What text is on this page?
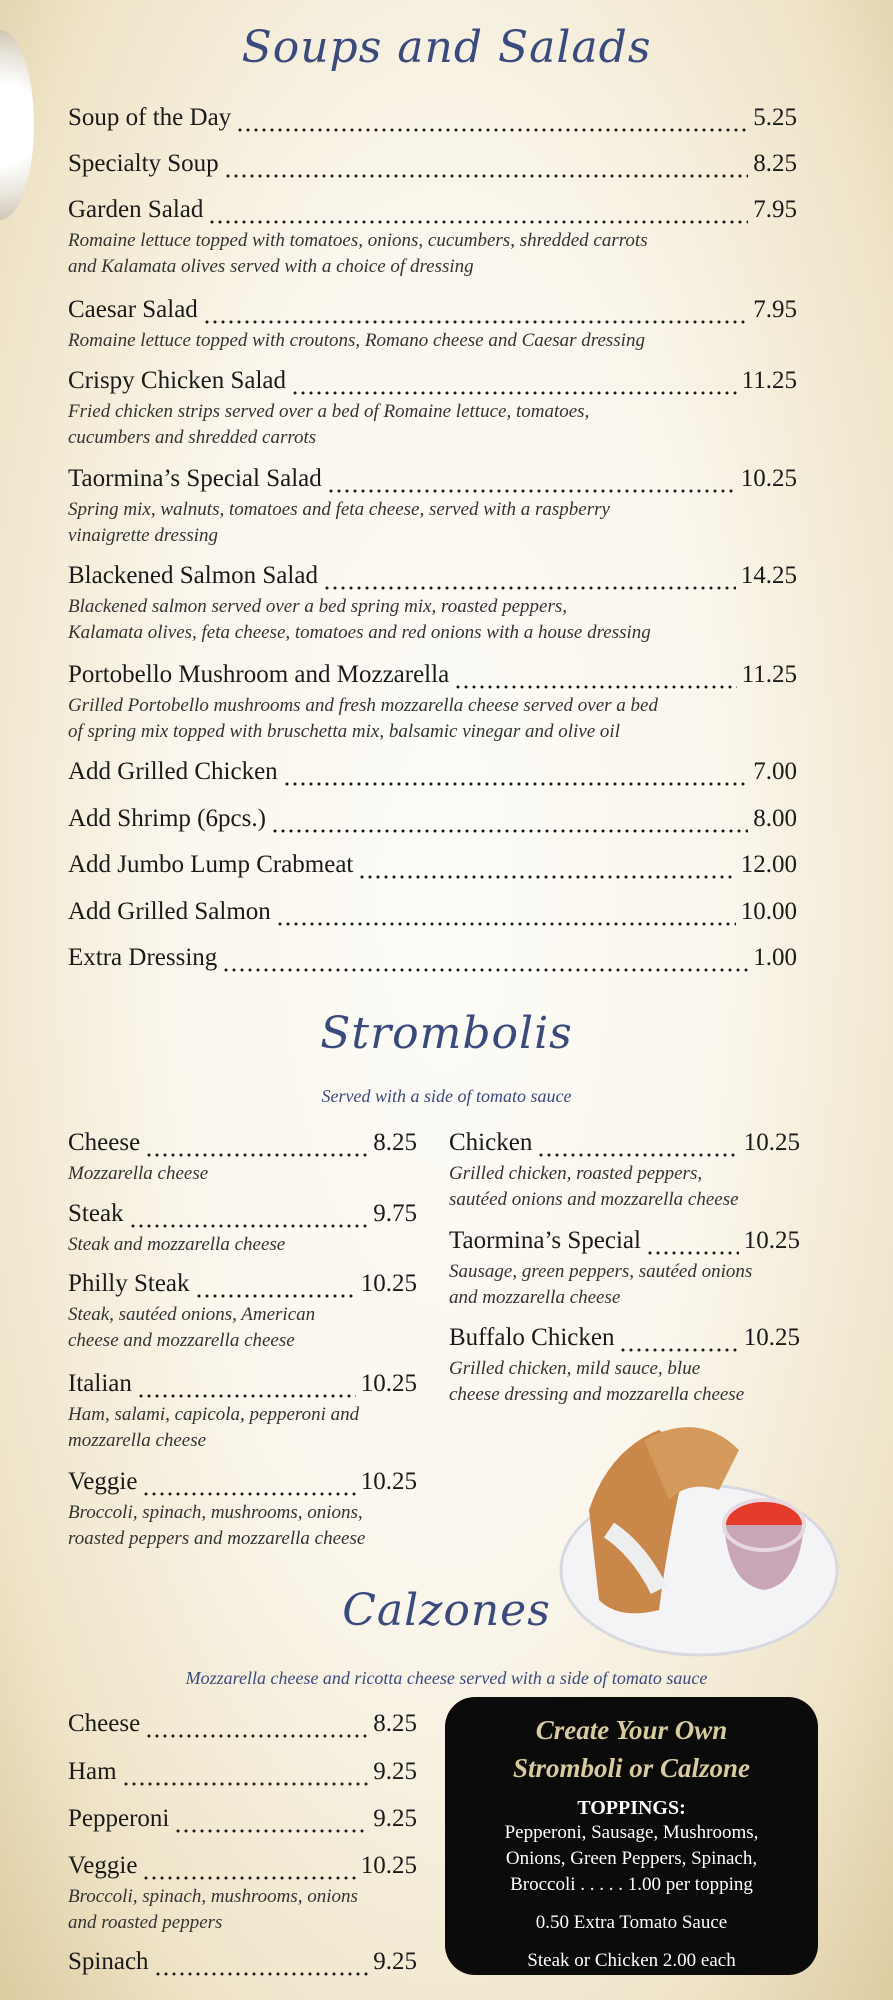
Soups and Salads
Soup of the Day	5.25
Specialty Soup	8.25
Garden Salad	7.95
Romaine lettuce topped with tomatoes, onions, cucumbers, shredded carrots
and Kalamata olives served with a choice of dressing
Caesar Salad	7.95
Romaine lettuce topped with croutons, Romano cheese and Caesar dressing
Crispy Chicken Salad	11.25
Fried chicken strips served over a bed of Romaine lettuce, tomatoes,
cucumbers and shredded carrots
Taormina’s Special Salad	10.25
Spring mix, walnuts, tomatoes and feta cheese, served with a raspberry
vinaigrette dressing
Blackened Salmon Salad	14.25
Blackened salmon served over a bed spring mix, roasted peppers,
Kalamata olives, feta cheese, tomatoes and red onions with a house dressing
Portobello Mushroom and Mozzarella	11.25
Grilled Portobello mushrooms and fresh mozzarella cheese served over a bed
of spring mix topped with bruschetta mix, balsamic vinegar and olive oil
Add Grilled Chicken	7.00
Add Shrimp (6pcs.)	8.00
Add Jumbo Lump Crabmeat	12.00
Add Grilled Salmon	10.00
Extra Dressing	1.00
Strombolis
Served with a side of tomato sauce
Cheese	8.25
Mozzarella cheese
Steak	9.75
Steak and mozzarella cheese
Philly Steak	10.25
Steak, sautéed onions, American
cheese and mozzarella cheese
Italian	10.25
Ham, salami, capicola, pepperoni and
mozzarella cheese
Veggie	10.25
Broccoli, spinach, mushrooms, onions,
roasted peppers and mozzarella cheese
Chicken	10.25
Grilled chicken, roasted peppers,
sautéed onions and mozzarella cheese
Taormina’s Special	10.25
Sausage, green peppers, sautéed onions
and mozzarella cheese
Buffalo Chicken	10.25
Grilled chicken, mild sauce, blue
cheese dressing and mozzarella cheese
Calzones
Mozzarella cheese and ricotta cheese served with a side of tomato sauce
Cheese	8.25
Ham	9.25
Pepperoni	9.25
Veggie	10.25
Broccoli, spinach, mushrooms, onions
and roasted peppers
Spinach	9.25
Create Your Own
Stromboli or Calzone
TOPPINGS:
Pepperoni, Sausage, Mushrooms,
Onions, Green Peppers, Spinach,
Broccoli . . . . . 1.00 per topping
0.50 Extra Tomato Sauce
Steak or Chicken 2.00 each
